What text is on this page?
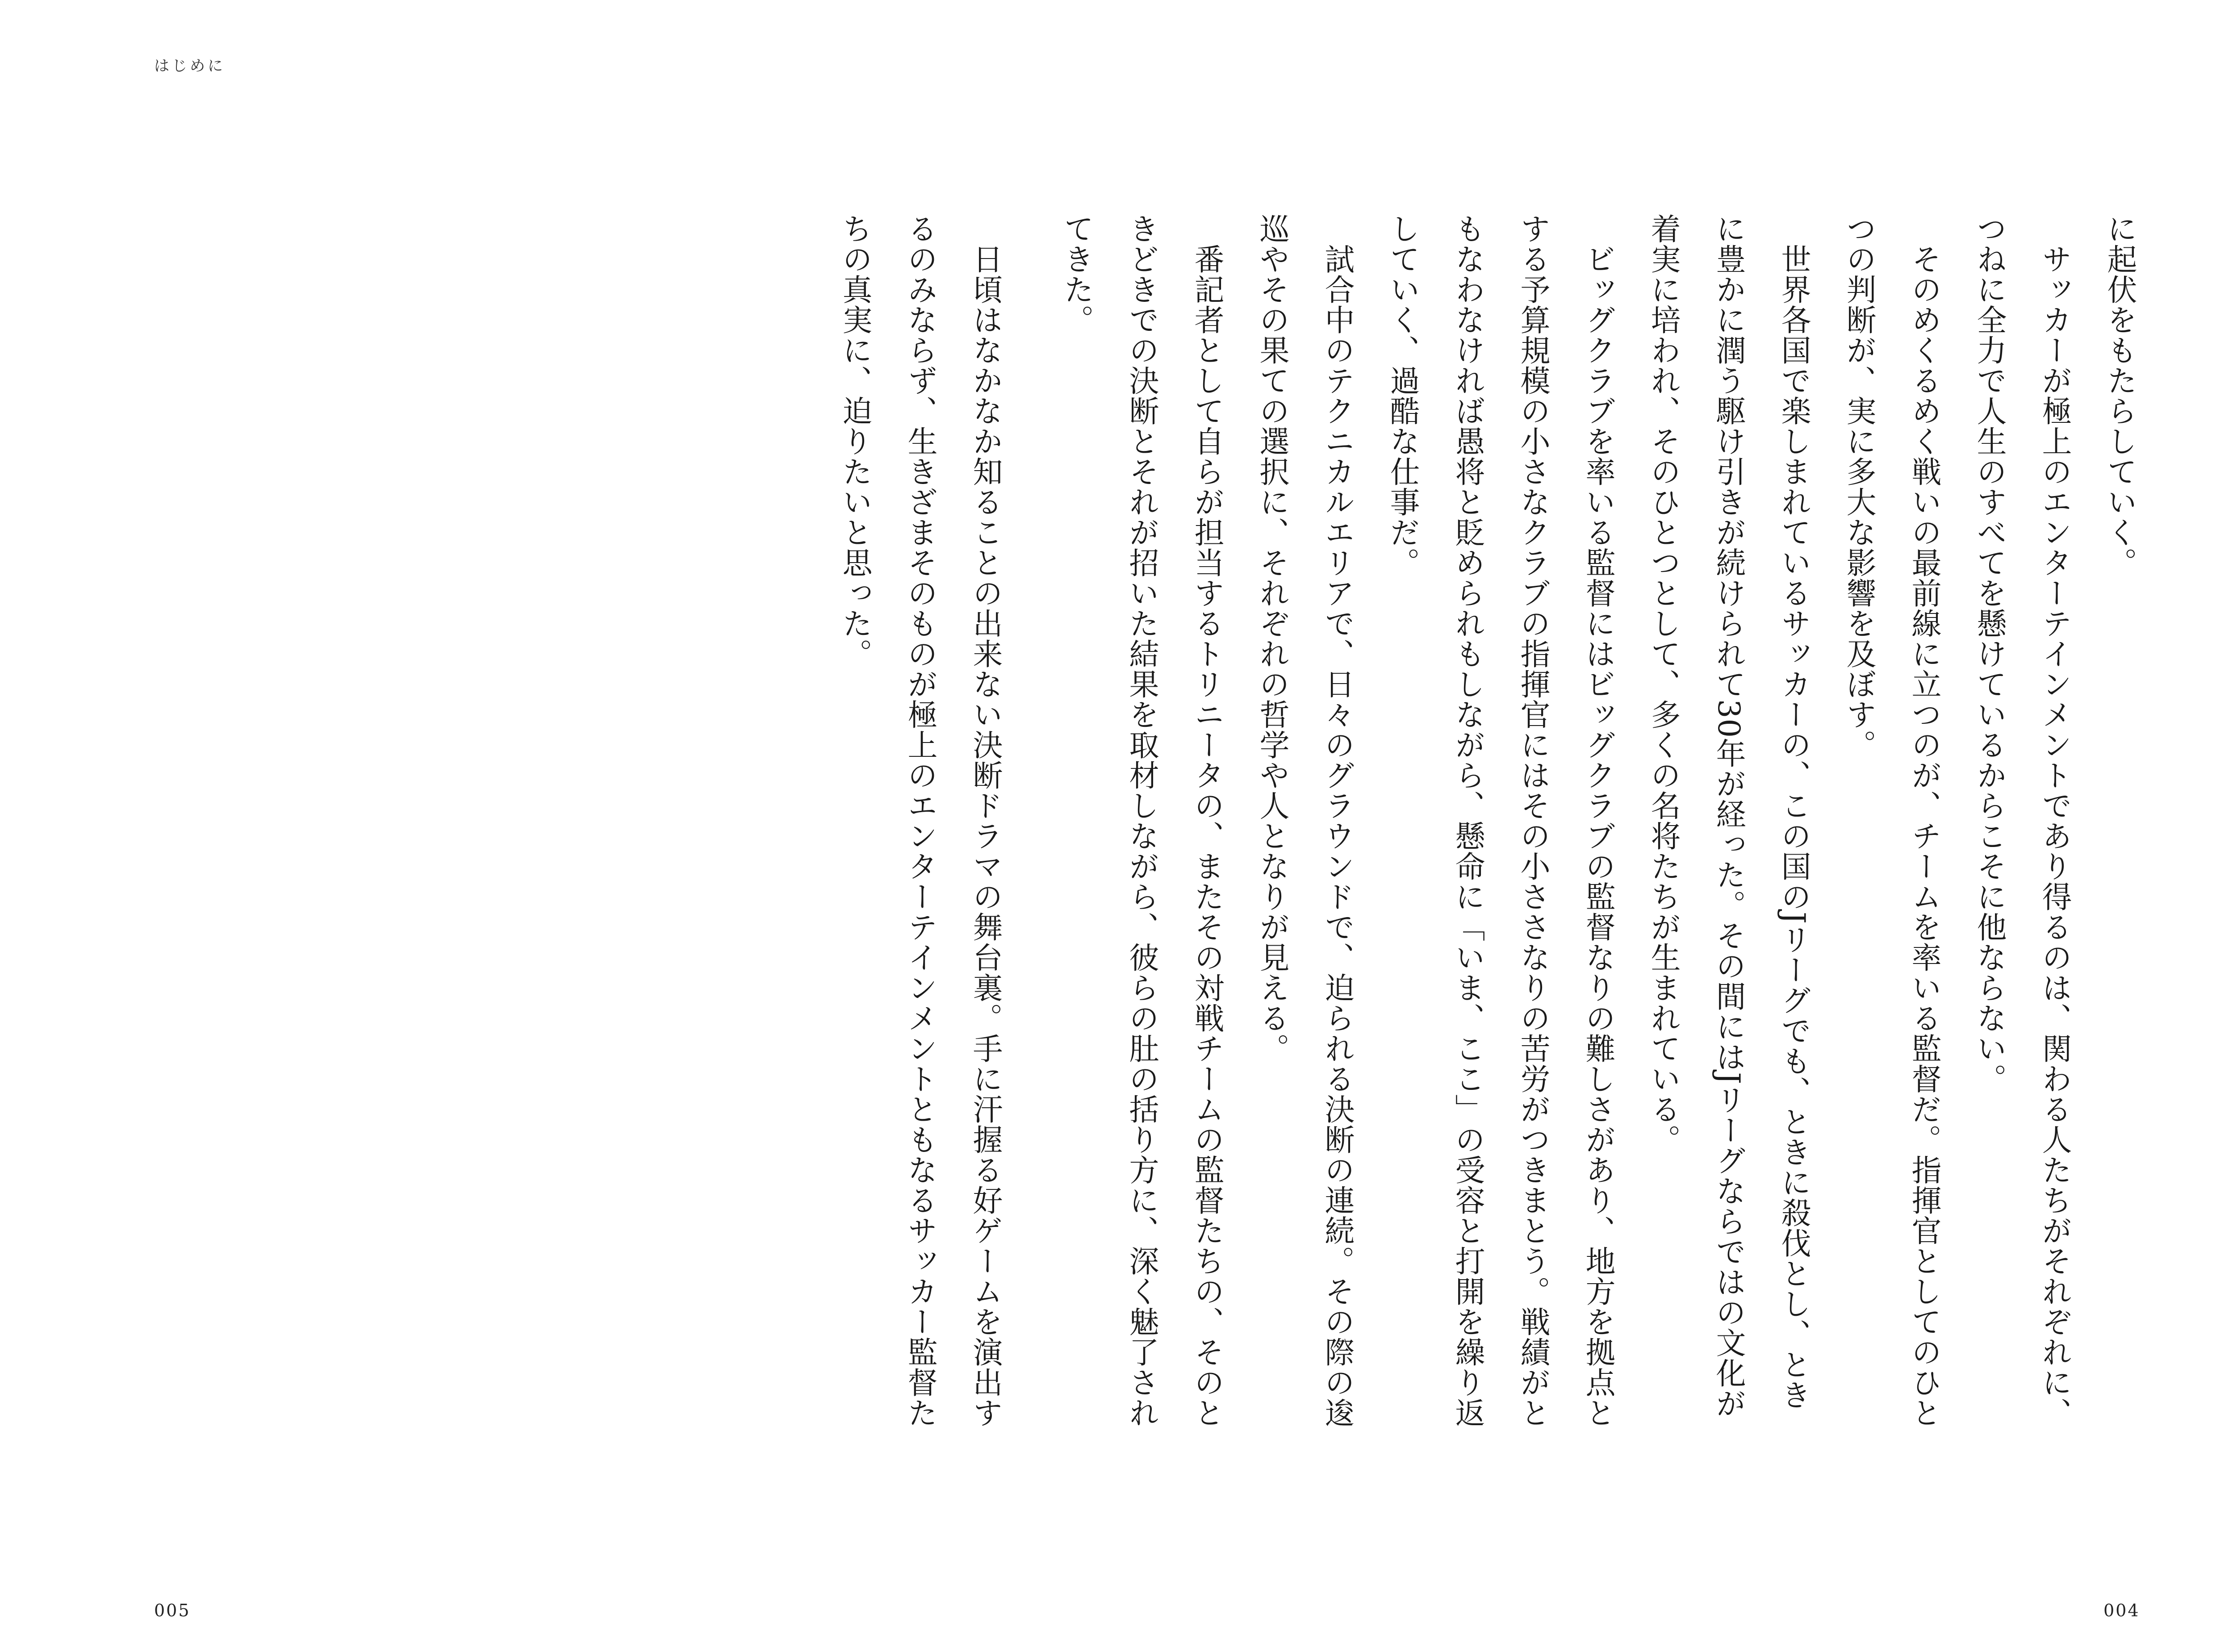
はじめに

に起伏をもたらしていく。

　サッカーが極上のエンターテインメントであり得るのは、関わる人たちがそれぞれに、

つねに全力で人生のすべてを懸けているからこそに他ならない。

　そのめくるめく戦いの最前線に立つのが、チームを率いる監督だ。指揮官としてのひと

つの判断が、実に多大な影響を及ぼす。

　世界各国で楽しまれているサッカーの、この国のJリーグでも、ときに殺伐とし、とき

に豊かに潤う駆け引きが続けられて30年が経った。その間にはJリーグならではの文化が

着実に培われ、そのひとつとして、多くの名将たちが生まれている。

　ビッグクラブを率いる監督にはビッグクラブの監督なりの難しさがあり、地方を拠点と

する予算規模の小さなクラブの指揮官にはその小ささなりの苦労がつきまとう。戦績がと

もなわなければ愚将と貶められもしながら、懸命に「いま、ここ」の受容と打開を繰り返

していく、過酷な仕事だ。

　試合中のテクニカルエリアで、日々のグラウンドで、迫られる決断の連続。その際の逡

巡やその果ての選択に、それぞれの哲学や人となりが見える。

　番記者として自らが担当するトリニータの、またその対戦チームの監督たちの、そのと

きどきでの決断とそれが招いた結果を取材しながら、彼らの肚の括り方に、深く魅了され

てきた。

　日頃はなかなか知ることの出来ない決断ドラマの舞台裏。手に汗握る好ゲームを演出す

るのみならず、生きざまそのものが極上のエンターテインメントともなるサッカー監督た

ちの真実に、迫りたいと思った。

005	004
